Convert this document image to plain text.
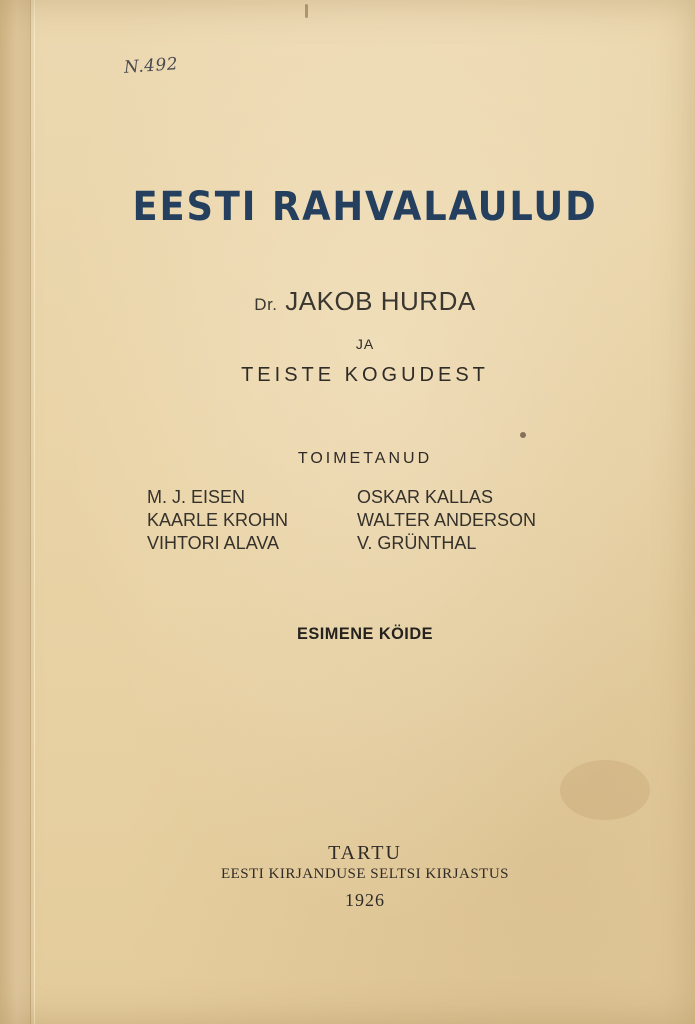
N.492
EESTI RAHVALAULUD
Dr. JAKOB HURDA
JA
TEISTE KOGUDEST
TOIMETANUD
M. J. EISEN	OSKAR KALLAS
KAARLE KROHN	WALTER ANDERSON
VIHTORI ALAVA	V. GRÜNTHAL
ESIMENE KÖIDE
TARTU
EESTI KIRJANDUSE SELTSI KIRJASTUS
1926
